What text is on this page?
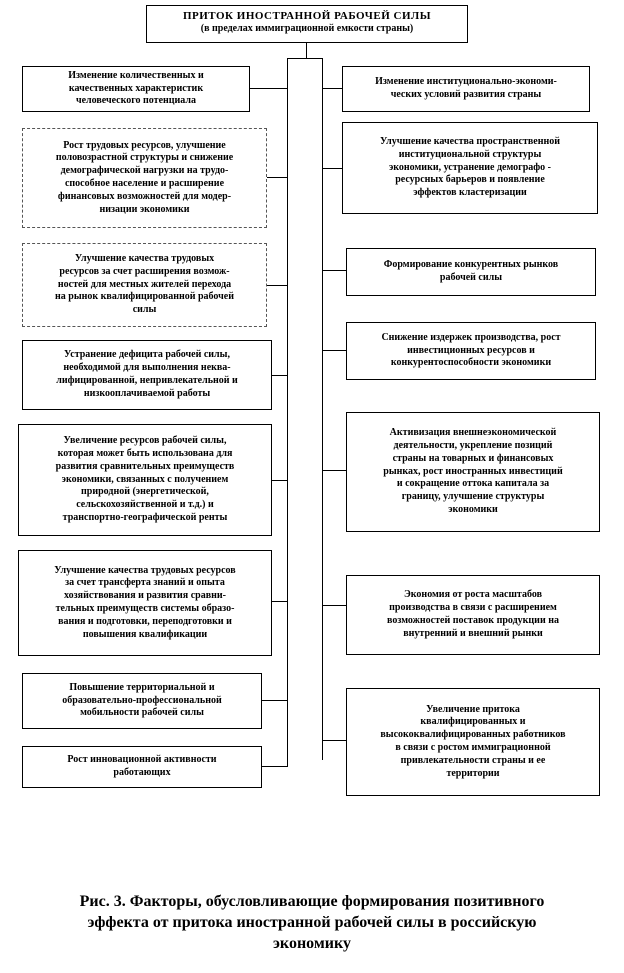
ПРИТОК ИНОСТРАННОЙ РАБОЧЕЙ СИЛЫ
(в пределах иммиграционной емкости страны)
Изменение количественных и
качественных характеристик
человеческого потенциала
Рост трудовых ресурсов, улучшение
половозрастной структуры и снижение
демографической нагрузки на трудо-
способное население и расширение
финансовых возможностей для модер-
низации экономики
Улучшение качества трудовых
ресурсов за счет расширения возмож-
ностей для местных жителей перехода
на рынок квалифицированной рабочей
силы
Устранение дефицита рабочей силы,
необходимой для выполнения неква-
лифицированной, непривлекательной и
низкооплачиваемой работы
Увеличение ресурсов рабочей силы,
которая может быть использована для
развития сравнительных преимуществ
экономики, связанных с получением
природной (энергетической,
сельскохозяйственной и т.д.) и
транспортно-географической ренты
Улучшение качества трудовых ресурсов
за счет трансферта знаний и опыта
хозяйствования и развития сравни-
тельных преимуществ системы образо-
вания и подготовки, переподготовки и
повышения квалификации
Повышение территориальной и
образовательно-профессиональной
мобильности рабочей силы
Рост инновационной активности
работающих
Изменение институционально-экономи-
ческих условий развития страны
Улучшение качества пространственной
институциональной структуры
экономики, устранение демографо -
ресурсных барьеров и появление
эффектов кластеризации
Формирование конкурентных рынков
рабочей силы
Снижение издержек производства, рост
инвестиционных ресурсов и
конкурентоспособности экономики
Активизация внешнеэкономической
деятельности, укрепление позиций
страны на товарных и финансовых
рынках, рост иностранных инвестиций
и сокращение оттока капитала за
границу, улучшение структуры
экономики
Экономия от роста масштабов
производства в связи с расширением
возможностей поставок продукции на
внутренний и внешний рынки
Увеличение притока
квалифицированных и
высококвалифицированных работников
в связи с ростом иммиграционной
привлекательности страны и ее
территории
Рис. 3. Факторы, обусловливающие формирования позитивного
эффекта от притока иностранной рабочей силы в российскую
экономику
